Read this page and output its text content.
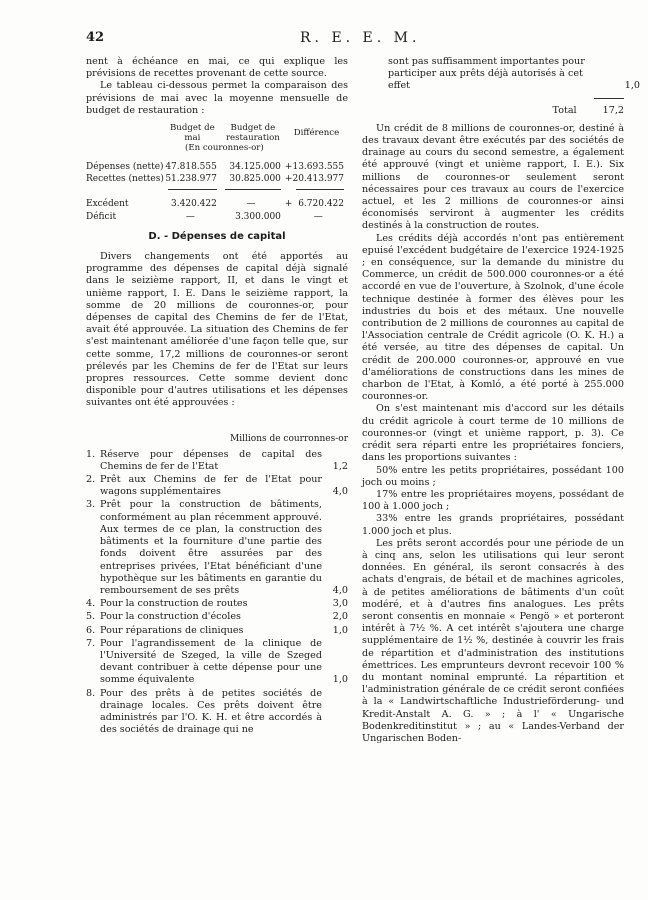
42	R. E. E. M.

nent à échéance en mai, ce qui explique les prévisions de recettes provenant de cette source.

Le tableau ci-dessous permet la comparaison des prévisions de mai avec la moyenne mensuelle de budget de restauration :

	Budget de mai	Budget de restauration	Différence	
	(En couronnes-or)			

Dépenses (nette)	47.818.555	34.125.000	+	13.693.555
Recettes (nettes)	51.238.977	30.825.000	+	20.413.977

Excédent	3.420.422	—	+	6.720.422
Déficit	—	3.300.000		—
D. - Dépenses de capital

Divers changements ont été apportés au programme des dépenses de capital déjà signalé dans le seizième rapport, II, et dans le vingt et unième rapport, I. E. Dans le seizième rapport, la somme de 20 millions de couronnes-or, pour dépenses de capital des Chemins de fer de l'Etat, avait été approuvée. La situation des Chemins de fer s'est maintenant améliorée d'une façon telle que, sur cette somme, 17,2 millions de couronnes-or seront prélevés par les Chemins de fer de l'Etat sur leurs propres ressources. Cette somme devient donc disponible pour d'autres utilisations et les dépenses suivantes ont été approuvées :

Millions de courronnes-or
1. Réserve pour dépenses de capital des Chemins de fer de l'Etat	1,2
2. Prêt aux Chemins de fer de l'Etat pour wagons supplémentaires	4,0
3. Prêt pour la construction de bâtiments, conformément au plan récemment approuvé. Aux termes de ce plan, la construction des bâtiments et la fourniture d'une partie des fonds doivent être assurées par des entreprises privées, l'Etat bénéficiant d'une hypothèque sur les bâtiments en garantie du remboursement de ses prêts	4,0
4. Pour la construction de routes	3,0
5. Pour la construction d'écoles	2,0
6. Pour réparations de cliniques	1,0
7. Pour l'agrandissement de la clinique de l'Université de Szeged, la ville de Szeged devant contribuer à cette dépense pour une somme équivalente	1,0
8. Pour des prêts à de petites sociétés de drainage locales. Ces prêts doivent être administrés par l'O. K. H. et être accordés à des sociétés de drainage qui ne
sont pas suffisamment importantes pour participer aux prêts déjà autorisés à cet effet	1,0
Total	17,2

Un crédit de 8 millions de couronnes-or, destiné à des travaux devant être exécutés par des sociétés de drainage au cours du second semestre, a également été approuvé (vingt et unième rapport, I. E.). Six millions de couronnes-or seulement seront nécessaires pour ces travaux au cours de l'exercice actuel, et les 2 millions de couronnes-or ainsi économisés serviront à augmenter les crédits destinés à la construction de routes.

Les crédits déjà accordés n'ont pas entièrement epuisé l'excédent budgétaire de l'exercice 1924-1925 ; en conséquence, sur la demande du ministre du Commerce, un crédit de 500.000 couronnes-or a été accordé en vue de l'ouverture, à Szolnok, d'une école technique destinée à former des élèves pour les industries du bois et des métaux. Une nouvelle contribution de 2 millions de couronnes au capital de l'Association centrale de Crédit agricole (O. K. H.) a été versée, au titre des dépenses de capital. Un crédit de 200.000 couronnes-or, approuvé en vue d'améliorations de constructions dans les mines de charbon de l'Etat, à Komló, a été porté à 255.000 couronnes-or.

On s'est maintenant mis d'accord sur les détails du crédit agricole à court terme de 10 millions de couronnes-or (vingt et unième rapport, p. 3). Ce crédit sera réparti entre les propriétaires fonciers, dans les proportions suivantes :

50% entre les petits propriétaires, possédant 100 joch ou moins ;

17% entre les propriétaires moyens, possédant de 100 à 1.000 joch ;

33% entre les grands propriétaires, possédant 1.000 joch et plus.

Les prêts seront accordés pour une période de un à cinq ans, selon les utilisations qui leur seront données. En général, ils seront consacrés à des achats d'engrais, de bétail et de machines agricoles, à de petites améliorations de bâtiments d'un coût modéré, et à d'autres fins analogues. Les prêts seront consentis en monnaie « Pengö » et porteront intérêt à 7½ %. A cet intérêt s'ajoutera une charge supplémentaire de 1½ %, destinée à couvrir les frais de répartition et d'administration des institutions émettrices. Les emprunteurs devront recevoir 100 % du montant nominal emprunté. La répartition et l'administration générale de ce crédit seront confiées à la « Landwirtschaftliche Industrieförderung- und Kredit-Anstalt A. G. » ; à l' « Ungarische Bodenkreditinstitut » ; au « Landes-Verband der Ungarischen Boden-
